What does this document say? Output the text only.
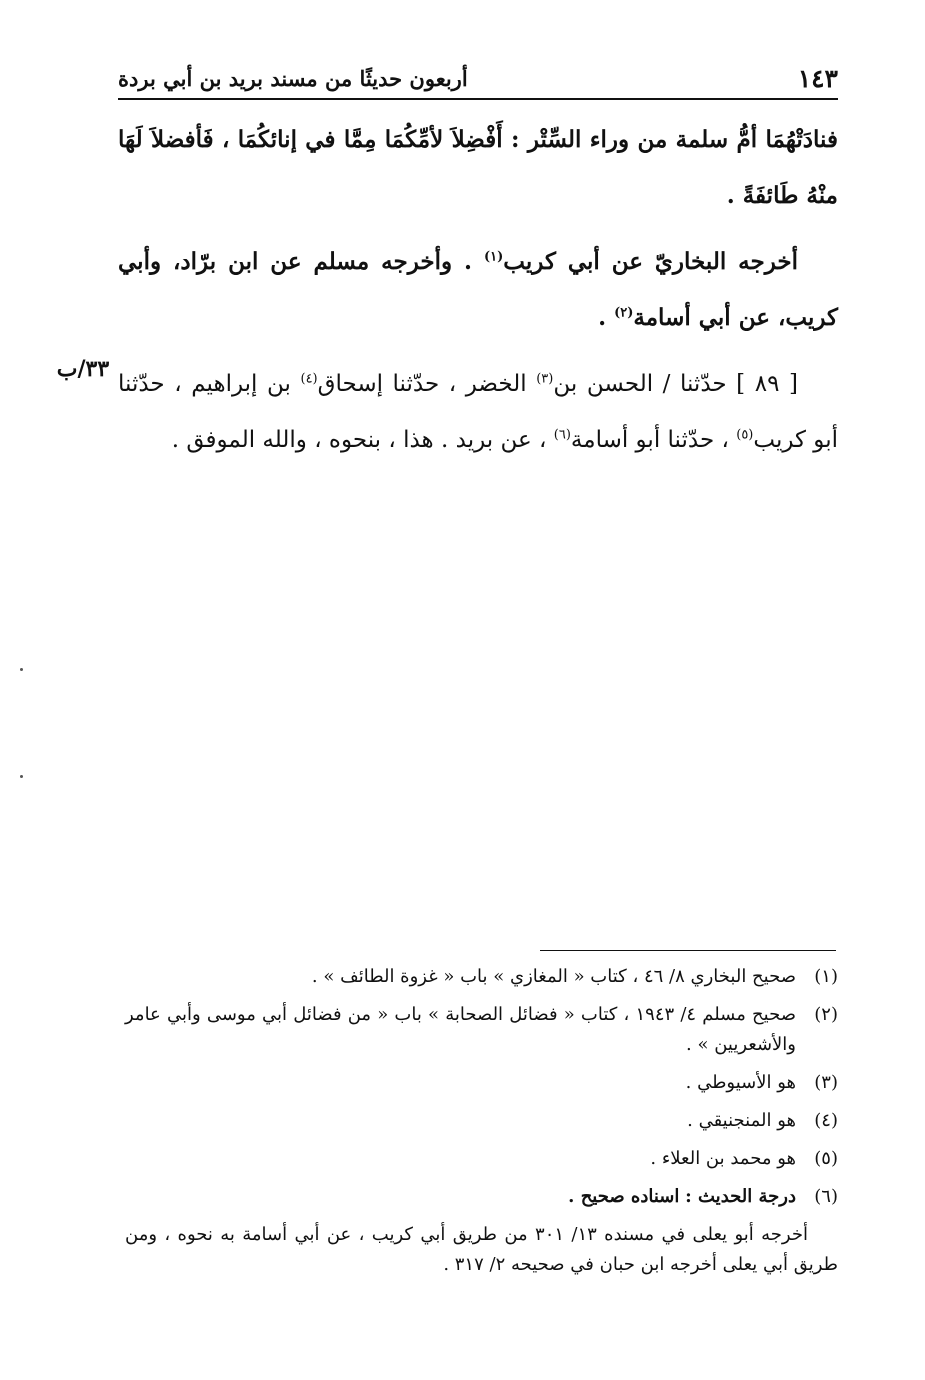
١٤٣
أربعون حديثًا من مسند بريد بن أبي بردة

فنادَتْهُمَا أمُّ سلمة من وراء السِّتْر : أَفْضِلاَ لأمِّكُمَا مِمَّا في إنائكُمَا ، فَأفضلاَ لَهَا منْهُ طَائفَةً .

أخرجه البخاريّ عن أبي كريب$^{(١)}$ . وأخرجه مسلم عن ابن برّاد، وأبي كريب، عن أبي أسامة$^{(٢)}$ .

[ ٨٩ ] حدّثنا / الحسن بن$^{(٣)}$ الخضر ، حدّثنا إسحاق$^{(٤)}$ بن إبراهيم ، حدّثنا أبو كريب$^{(٥)}$ ، حدّثنا أبو أسامة$^{(٦)}$ ، عن بريد . هذا ، بنحوه ، والله الموفق .

٣٣/ب

(١)صحيح البخاري ٨/ ٤٦ ، كتاب « المغازي » باب « غزوة الطائف » .

(٢)صحيح مسلم ٤/ ١٩٤٣ ، كتاب « فضائل الصحابة » باب « من فضائل أبي موسى وأبي عامر والأشعريين » .

(٣)هو الأسيوطي .

(٤)هو المنجنيقي .

(٥)هو محمد بن العلاء .

(٦)درجة الحديث : اسناده صحيح .

أخرجه أبو يعلى في مسنده ١٣/ ٣٠١ من طريق أبي كريب ، عن أبي أسامة به نحوه ، ومن طريق أبي يعلى أخرجه ابن حبان في صحيحه ٢/ ٣١٧ .
